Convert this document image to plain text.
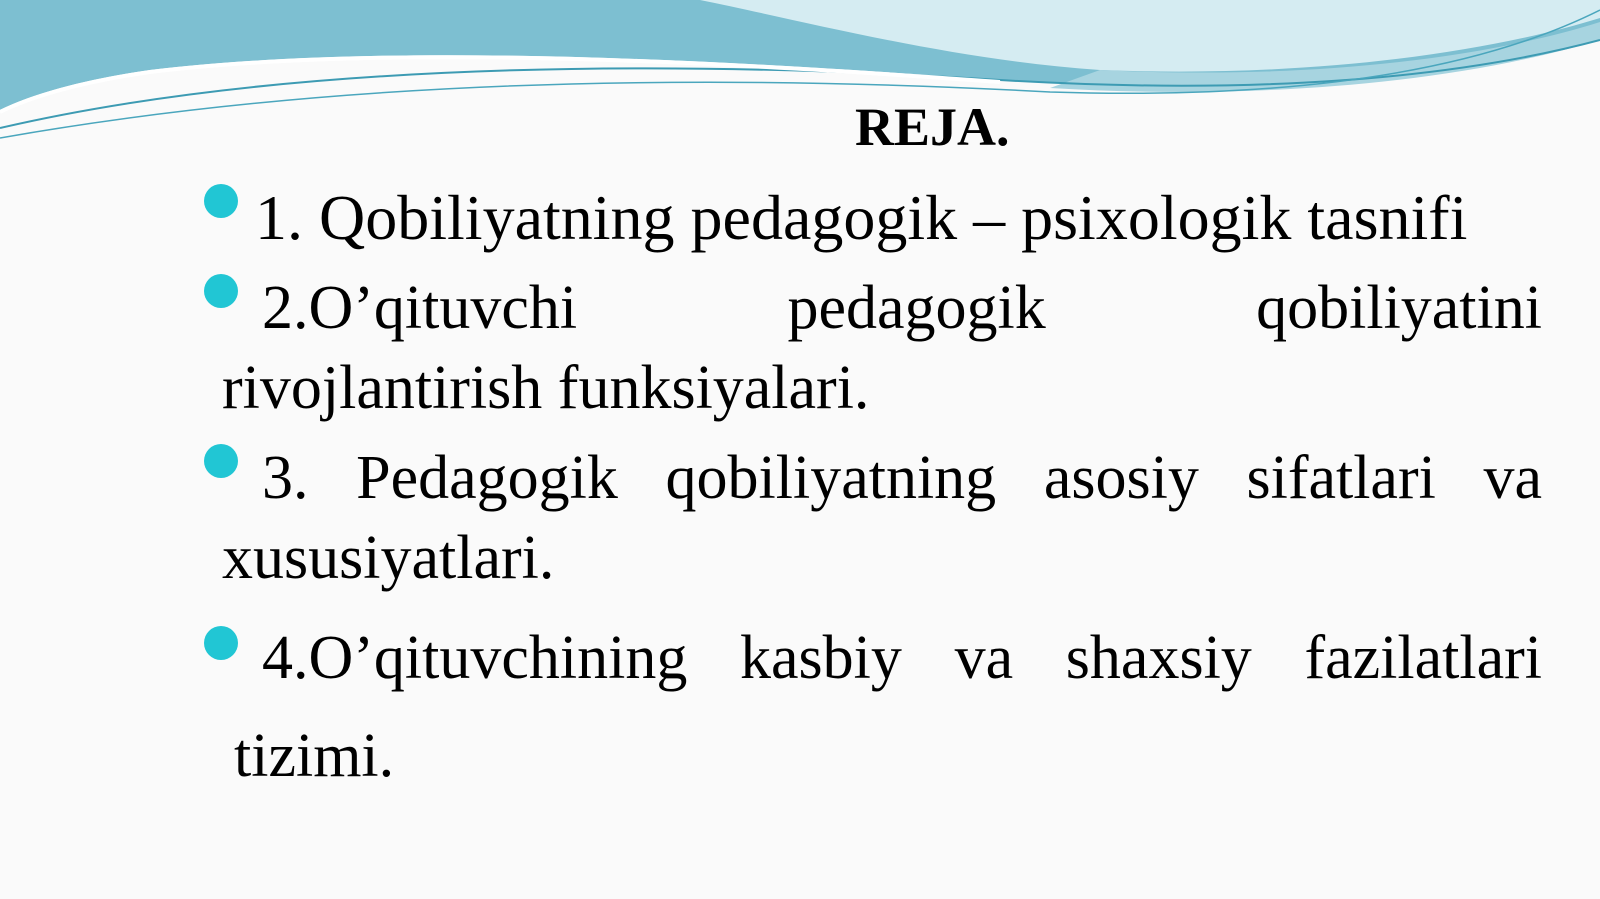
REJA.
1. Qobiliyatning pedagogik – psixologik tasnifi
2.O’qituvchi pedagogik qobiliyatini
rivojlantirish funksiyalari.
3. Pedagogik qobiliyatning asosiy sifatlari va
xususiyatlari.
4.O’qituvchining kasbiy va shaxsiy fazilatlari
tizimi.
